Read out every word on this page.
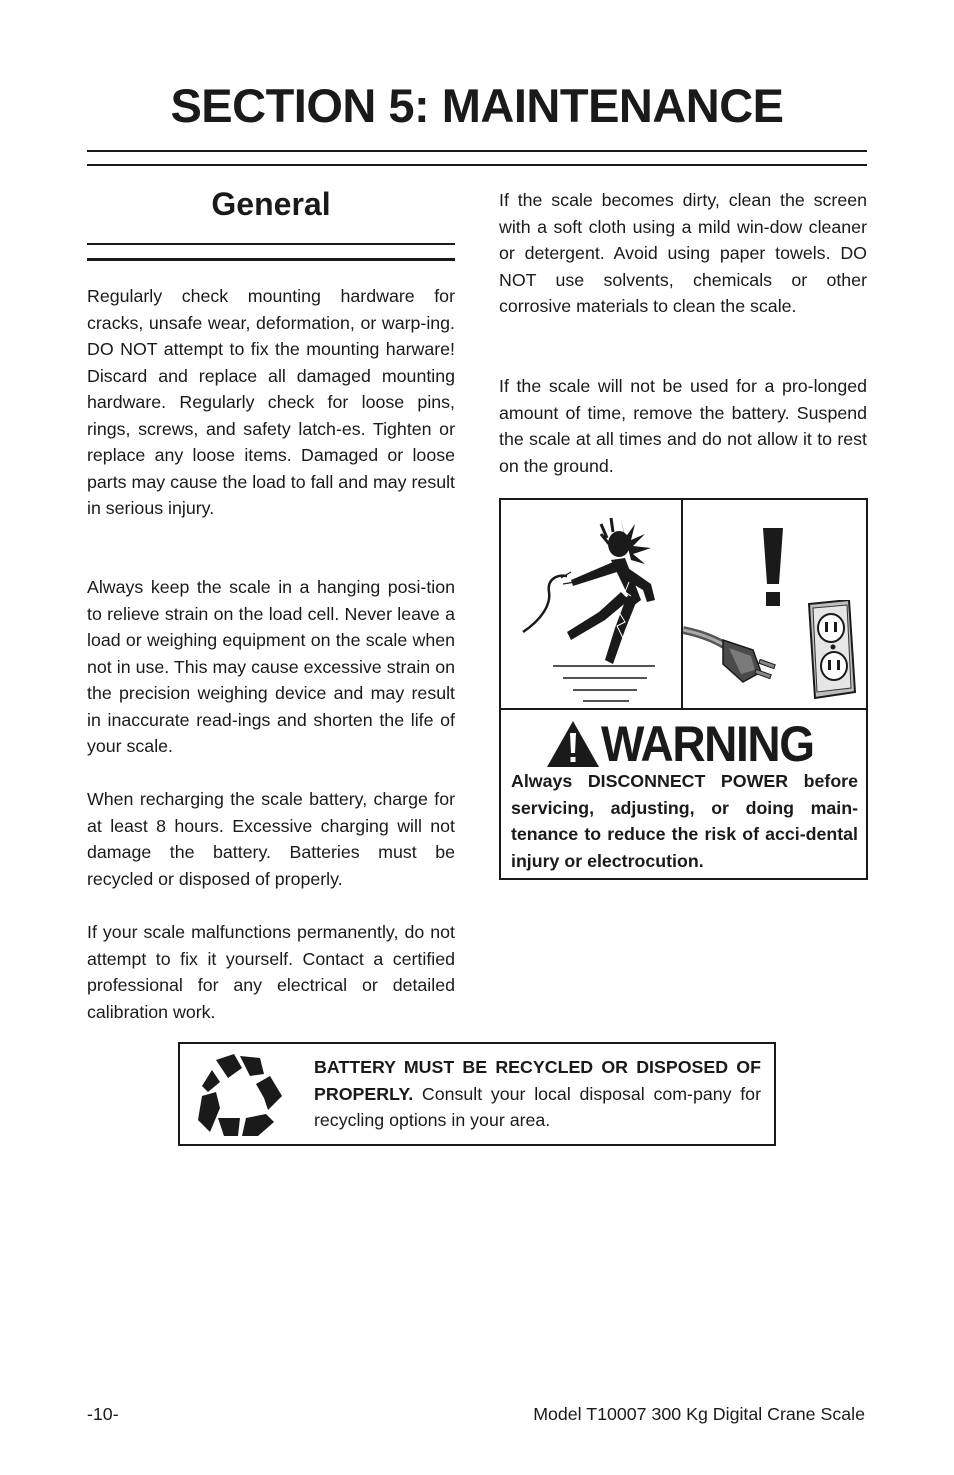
SECTION 5: MAINTENANCE
General

Regularly check mounting hardware for cracks, unsafe wear, deformation, or warp-ing. DO NOT attempt to fix the mounting harware! Discard and replace all damaged mounting hardware. Regularly check for loose pins, rings, screws, and safety latch-es. Tighten or replace any loose items. Damaged or loose parts may cause the load to fall and may result in serious injury.

Always keep the scale in a hanging posi-tion to relieve strain on the load cell. Never leave a load or weighing equipment on the scale when not in use. This may cause excessive strain on the precision weighing device and may result in inaccurate read-ings and shorten the life of your scale.

When recharging the scale battery, charge for at least 8 hours. Excessive charging will not damage the battery. Batteries must be recycled or disposed of properly.

If your scale malfunctions permanently, do not attempt to fix it yourself. Contact a certified professional for any electrical or detailed calibration work.

If the scale becomes dirty, clean the screen with a soft cloth using a mild win-dow cleaner or detergent. Avoid using paper towels. DO NOT use solvents, chemicals or other corrosive materials to clean the scale.

If the scale will not be used for a pro-longed amount of time, remove the battery. Suspend the scale at all times and do not allow it to rest on the ground.

WARNING

Always DISCONNECT POWER before servicing, adjusting, or doing main-tenance to reduce the risk of acci-dental injury or electrocution.

BATTERY MUST BE RECYCLED OR DISPOSED OF PROPERLY. Consult your local disposal com-pany for recycling options in your area.

-10-	Model T10007 300 Kg Digital Crane Scale
